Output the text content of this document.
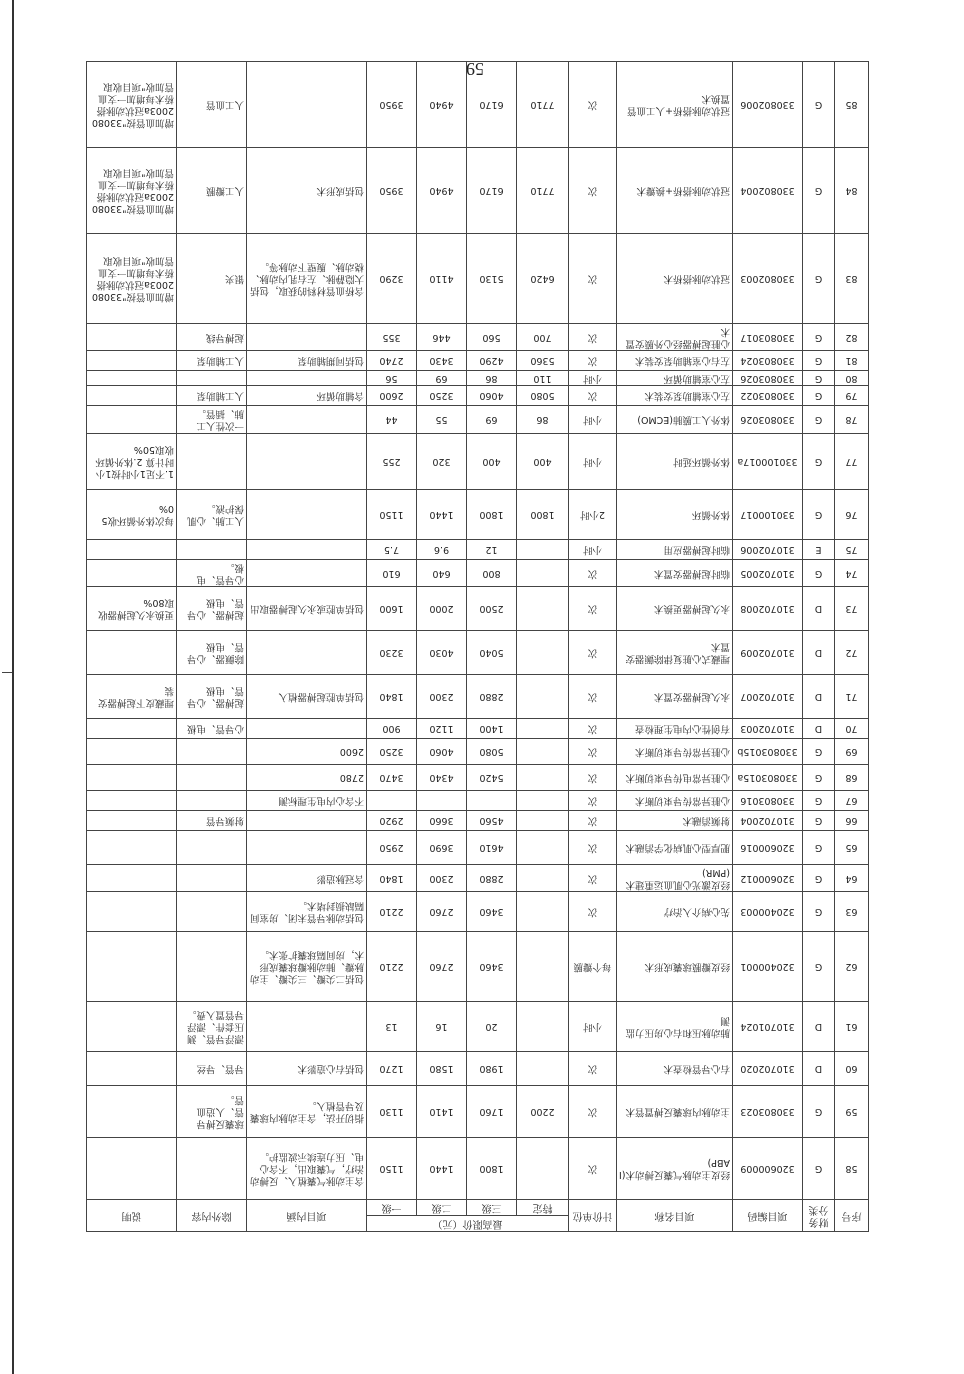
59
序号	财务分类	项目编码	项目名称	计价单位	最高限价（元）				项目内涵	除外内容	说明
					特定	三级	二级	一级			
58	G	320600009	经皮主动脉气囊反搏动术(IABP)	次		1800	1440	1150	含主动脉气囊植入、反搏动治疗，气囊取出，不含心电、压力连续示波监护。		
59	G	330803023	主动脉内球囊反搏置管术	次	2200	1760	1410	1130	指切开法，含主动脉内球囊及导管植入。	球囊反搏导管、人造血管。	
60	D	310702020	右心导管检查术	次		1980	1580	1270	包括右心造影术	导管、导丝	
61	D	310701024	肺动脉压和右心房压力监测	小时		20	16	13		漂浮导管、测压套件、漂浮导管置入费。	
62	G	320400001	经皮瓣膜球囊成形术	每个瓣膜		3460	2760	2210	包括二尖瓣、三尖瓣、主动脉瓣、肺动脉瓣球囊成形术，房间隔球囊扩张术。		
63	G	320400003	先心病介入治疗	次		3460	2760	2210	包括动脉导管未闭、房室间隔缺损封堵术。		
64	G	320600012	经皮激光心肌血运重建术(PMR)	次		2880	2300	1840	含冠脉造影		
65	G	320600016	肥厚型心肌病化学消融术	次		4610	3690	2950			
66	G	310702004	射频消融术	次		4560	3660	2920		射频导管	
67	G	330803016	心脏异常传导束切断术	次					不含心内电生理标测		
68	G	330803015a	心脏异常电传导束切断术	次		5420	4340	3470	2780		
69	G	330803015b	心脏异常传导束切断术	次		5080	4060	3250	2600		
70	D	310702003	有创性心内电生理检查	次		1400	1120	900		心导管、电极	
71	D	310702007	永久起搏器安置术	次		2880	2300	1840	包括单腔起搏器植入	起搏器、心导管、电极	埋藏皮下起搏器安装
72	D	310702009	埋藏式心脏复律除颤器安置术	次		5040	4030	3230		除颤器、心导管、电极	
73	D	310702008	永久起搏器更换术	次		2500	2000	1600	包括单腔或永久起搏器取出	起搏器、心导管、电极	更换永久起搏器收取80%
74	G	310702005	临时起搏器安置术	次		800	640	610		心导管、电极。	
75	E	310702006	临时起搏器应用	小时		12	9.6	7.5			
76	G	330100017	体外循环	2小时	1800	1800	1440	1150		人工肺、心肌保护液。	每次体外循环收50%
77	G	330100017a	体外循环延时	小时	400	400	320	255			1.不足1小时按1小时计算 2.体外循环收取50%
78	G	330803026	体外人工膜肺(ECMO)	小时	86	69	55	44		一次性人工肺、插管。	
79	G	330803022	左心室辅助泵安装术	次	5080	4060	3250	2600	含辅助循环	人工辅助泵	
80	G	330803026	左心室辅助循环	小时	110	86	69	56			
81	G	330803024	左右心室辅助泵安装术	次	5360	4290	3430	2740	包括同期辅助泵	人工辅助泵	
82	G	330803017	心脏起搏器经心外膜安置术	次	700	560	446	355		起搏导线	
83	G	330802003	冠状动脉搭桥术	次	6420	5130	4110	3290	含桥血管材料的获取，包括大隐静脉、左右乳内动脉、桡动脉、腹壁下动脉等。	银夹	增加血管按"330802003a冠状动脉搭桥术每增加一支血管加收"项目收取
84	G	330802004	冠状动脉搭桥+换瓣术	次	7710	6170	4940	3950	包括成形术	人工瓣膜	增加血管按"330802003a冠状动脉搭桥术每增加一支血管加收"项目收取
85	G	330802006	冠状动脉搭桥+人工血管置换术	次	7710	6170	4940	3950		人工血管	增加血管按"330802003a冠状动脉搭桥术每增加一支血管加收"项目收取
